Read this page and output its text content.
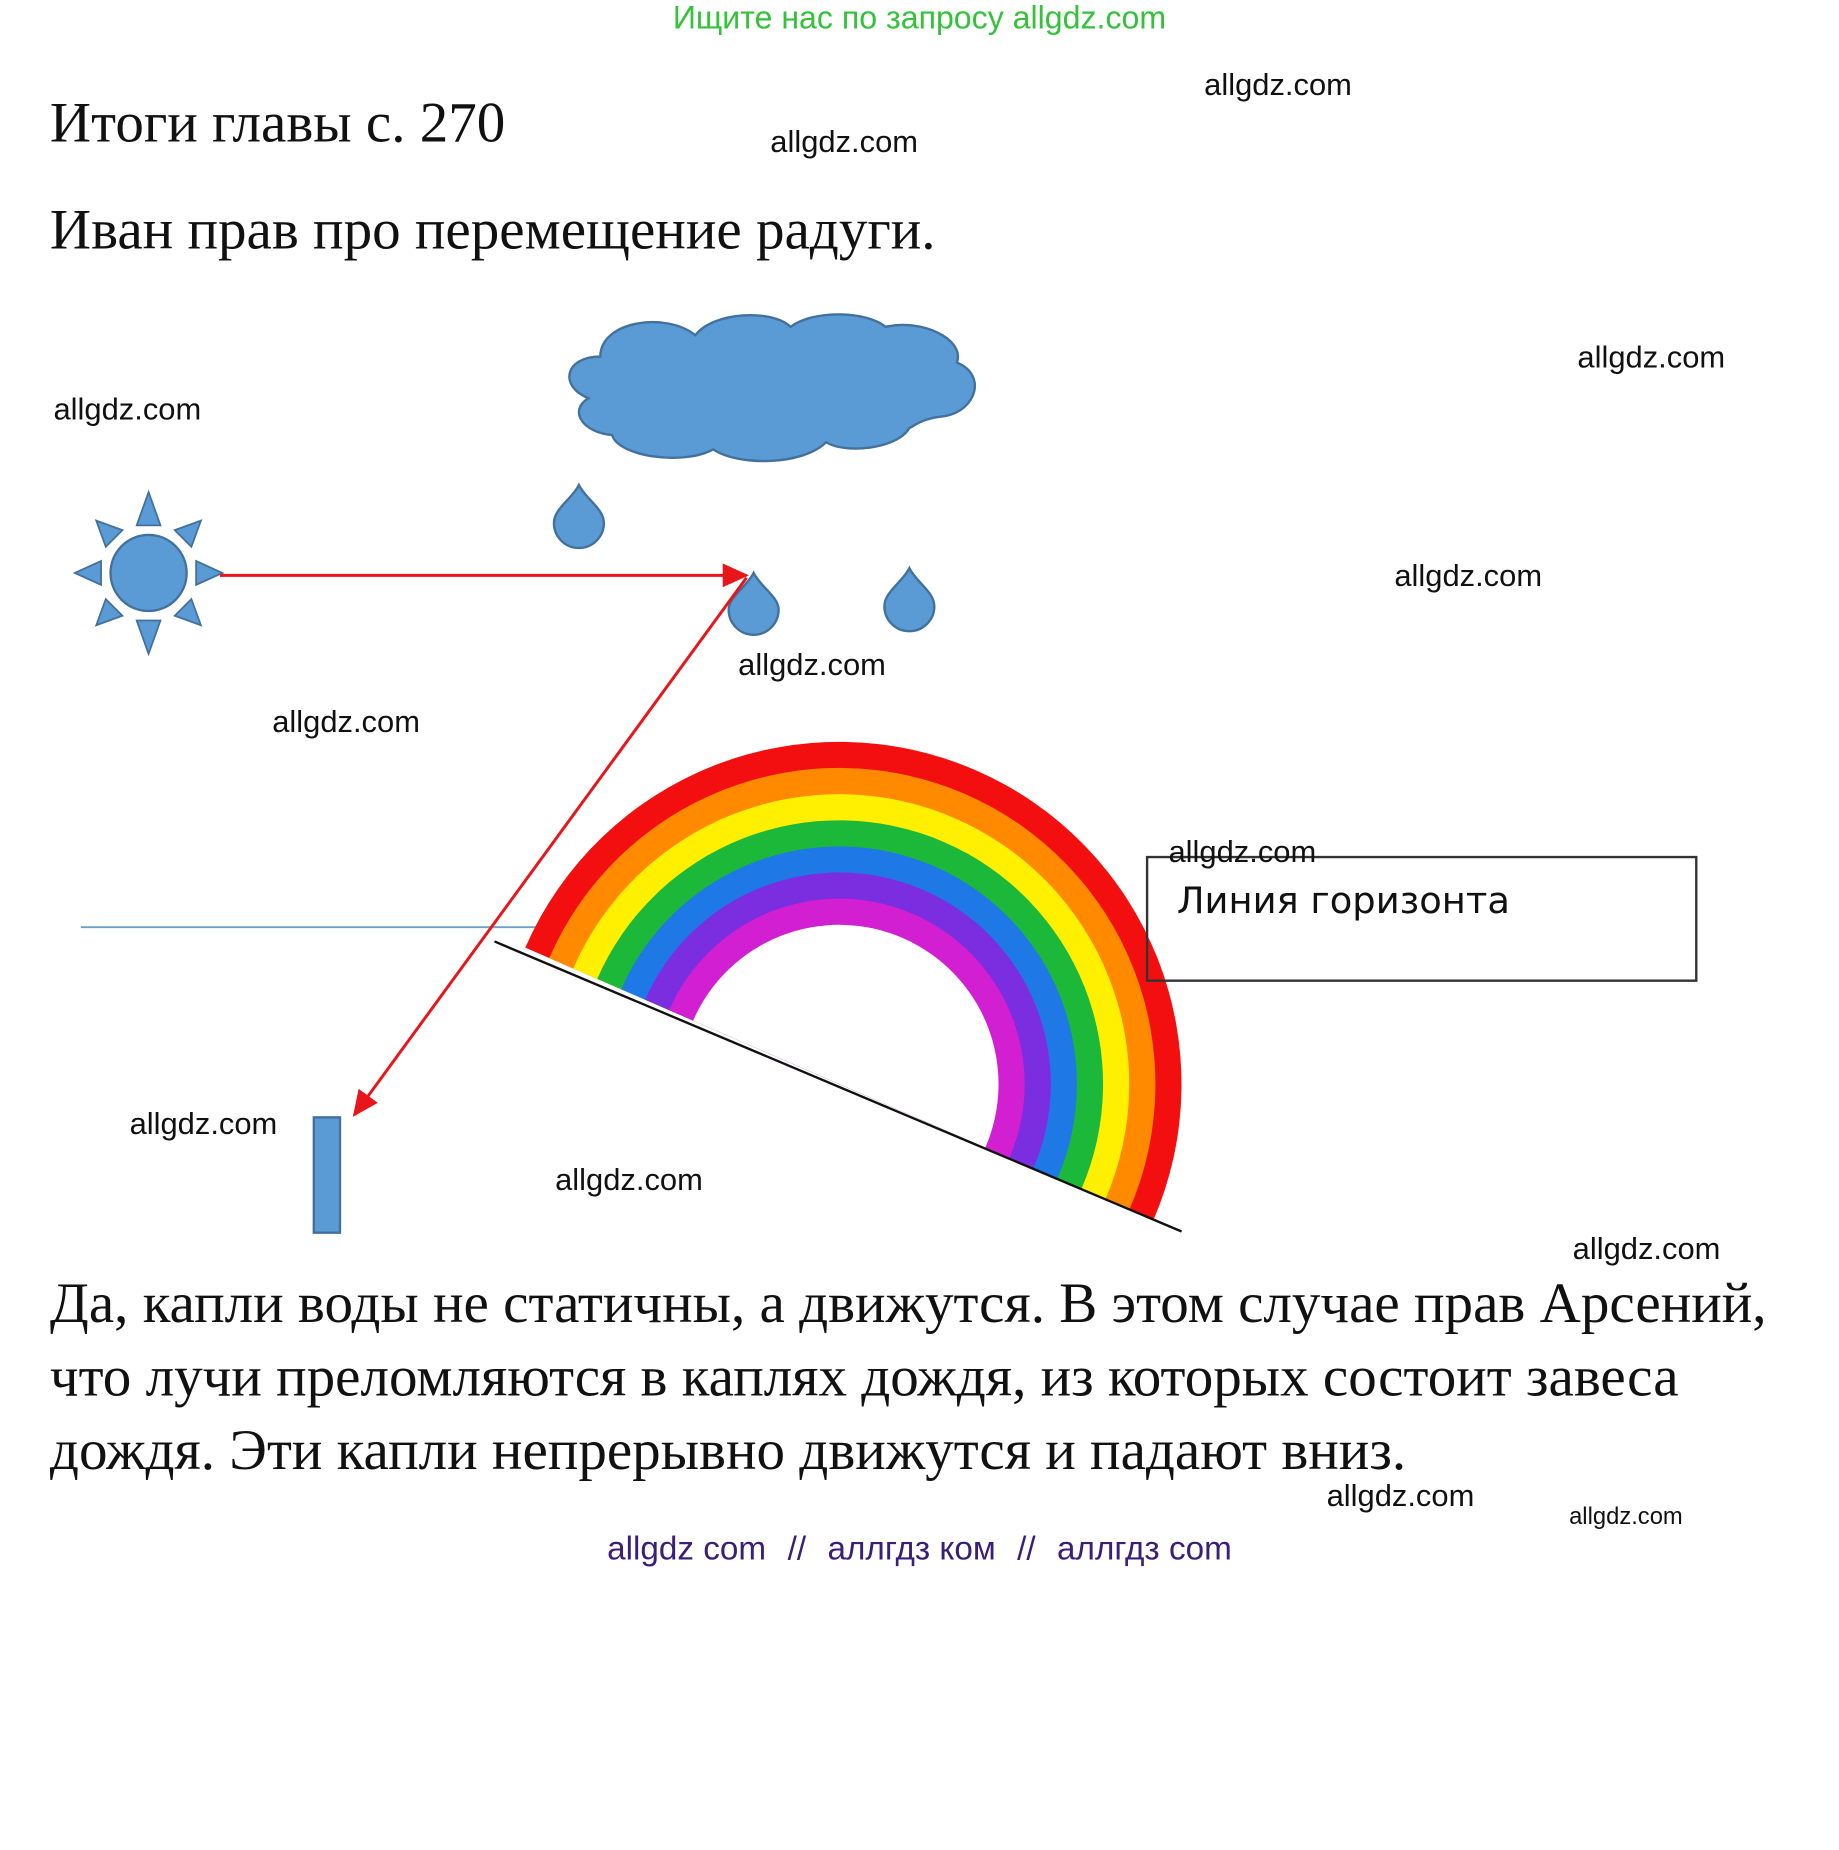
Ищите нас по запросу allgdz.com
Итоги главы с. 270
Иван прав про перемещение радуги.
Линия горизонта
Да, капли воды не статичны, а движутся. В этом случае прав Арсений, что лучи преломляются в каплях дождя, из которых состоит завеса дождя. Эти капли непрерывно движутся и падают вниз.
allgdz.com
allgdz.com
allgdz.com
allgdz.com
allgdz.com
allgdz.com
allgdz.com
allgdz.com
allgdz.com
allgdz.com
allgdz.com
allgdz.com
allgdz com // аллгдз ком // аллгдз com
allgdz.com
